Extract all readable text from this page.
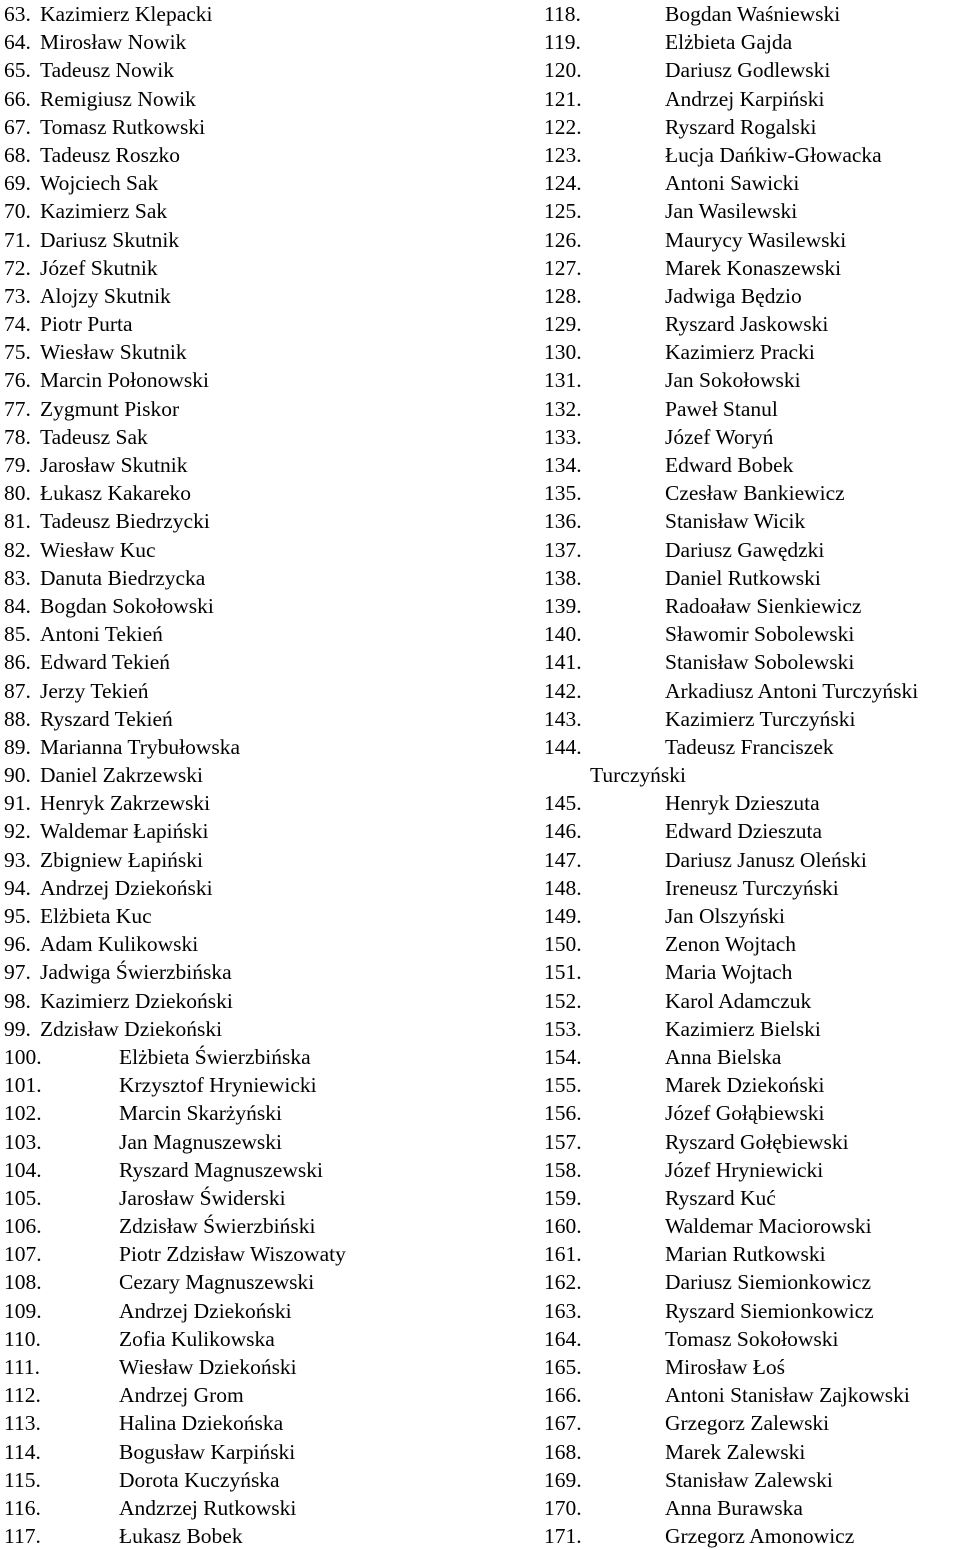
63. Kazimierz Klepacki
64. Mirosław Nowik
65. Tadeusz Nowik
66. Remigiusz Nowik
67. Tomasz Rutkowski
68. Tadeusz Roszko
69. Wojciech Sak
70. Kazimierz Sak
71. Dariusz Skutnik
72. Józef Skutnik
73. Alojzy Skutnik
74. Piotr Purta
75. Wiesław Skutnik
76. Marcin Połonowski
77. Zygmunt Piskor
78. Tadeusz Sak
79. Jarosław Skutnik
80. Łukasz Kakareko
81. Tadeusz Biedrzycki
82. Wiesław Kuc
83. Danuta Biedrzycka
84. Bogdan Sokołowski
85. Antoni Tekień
86. Edward Tekień
87. Jerzy Tekień
88. Ryszard Tekień
89. Marianna Trybułowska
90. Daniel Zakrzewski
91. Henryk Zakrzewski
92. Waldemar Łapiński
93. Zbigniew Łapiński
94. Andrzej Dziekoński
95. Elżbieta Kuc
96. Adam Kulikowski
97. Jadwiga Świerzbińska
98. Kazimierz Dziekoński
99. Zdzisław Dziekoński
100.	Elżbieta Świerzbińska
101.	Krzysztof Hryniewicki
102.	Marcin Skarżyński
103.	Jan Magnuszewski
104.	Ryszard Magnuszewski
105.	Jarosław Świderski
106.	Zdzisław Świerzbiński
107.	Piotr Zdzisław Wiszowaty
108.	Cezary Magnuszewski
109.	Andrzej Dziekoński
110.	Zofia Kulikowska
111.	Wiesław Dziekoński
112.	Andrzej Grom
113.	Halina Dziekońska
114.	Bogusław Karpiński
115.	Dorota Kuczyńska
116.	Andzrzej Rutkowski
117.	Łukasz Bobek
118.	Bogdan Waśniewski
119.	Elżbieta Gajda
120.	Dariusz Godlewski
121.	Andrzej Karpiński
122.	Ryszard Rogalski
123.	Łucja Dańkiw-Głowacka
124.	Antoni Sawicki
125.	Jan Wasilewski
126.	Maurycy Wasilewski
127.	Marek Konaszewski
128.	Jadwiga Będzio
129.	Ryszard Jaskowski
130.	Kazimierz Pracki
131.	Jan Sokołowski
132.	Paweł Stanul
133.	Józef Woryń
134.	Edward Bobek
135.	Czesław Bankiewicz
136.	Stanisław Wicik
137.	Dariusz Gawędzki
138.	Daniel Rutkowski
139.	Radoaław Sienkiewicz
140.	Sławomir Sobolewski
141.	Stanisław Sobolewski
142.	Arkadiusz Antoni Turczyński
143.	Kazimierz Turczyński
144.	Tadeusz Franciszek
Turczyński
145.	Henryk Dzieszuta
146.	Edward Dzieszuta
147.	Dariusz Janusz Oleński
148.	Ireneusz Turczyński
149.	Jan Olszyński
150.	Zenon Wojtach
151.	Maria Wojtach
152.	Karol Adamczuk
153.	Kazimierz Bielski
154.	Anna Bielska
155.	Marek Dziekoński
156.	Józef Gołąbiewski
157.	Ryszard Gołębiewski
158.	Józef Hryniewicki
159.	Ryszard Kuć
160.	Waldemar Maciorowski
161.	Marian Rutkowski
162.	Dariusz Siemionkowicz
163.	Ryszard Siemionkowicz
164.	Tomasz Sokołowski
165.	Mirosław Łoś
166.	Antoni Stanisław Zajkowski
167.	Grzegorz Zalewski
168.	Marek Zalewski
169.	Stanisław Zalewski
170.	Anna Burawska
171.	Grzegorz Amonowicz
